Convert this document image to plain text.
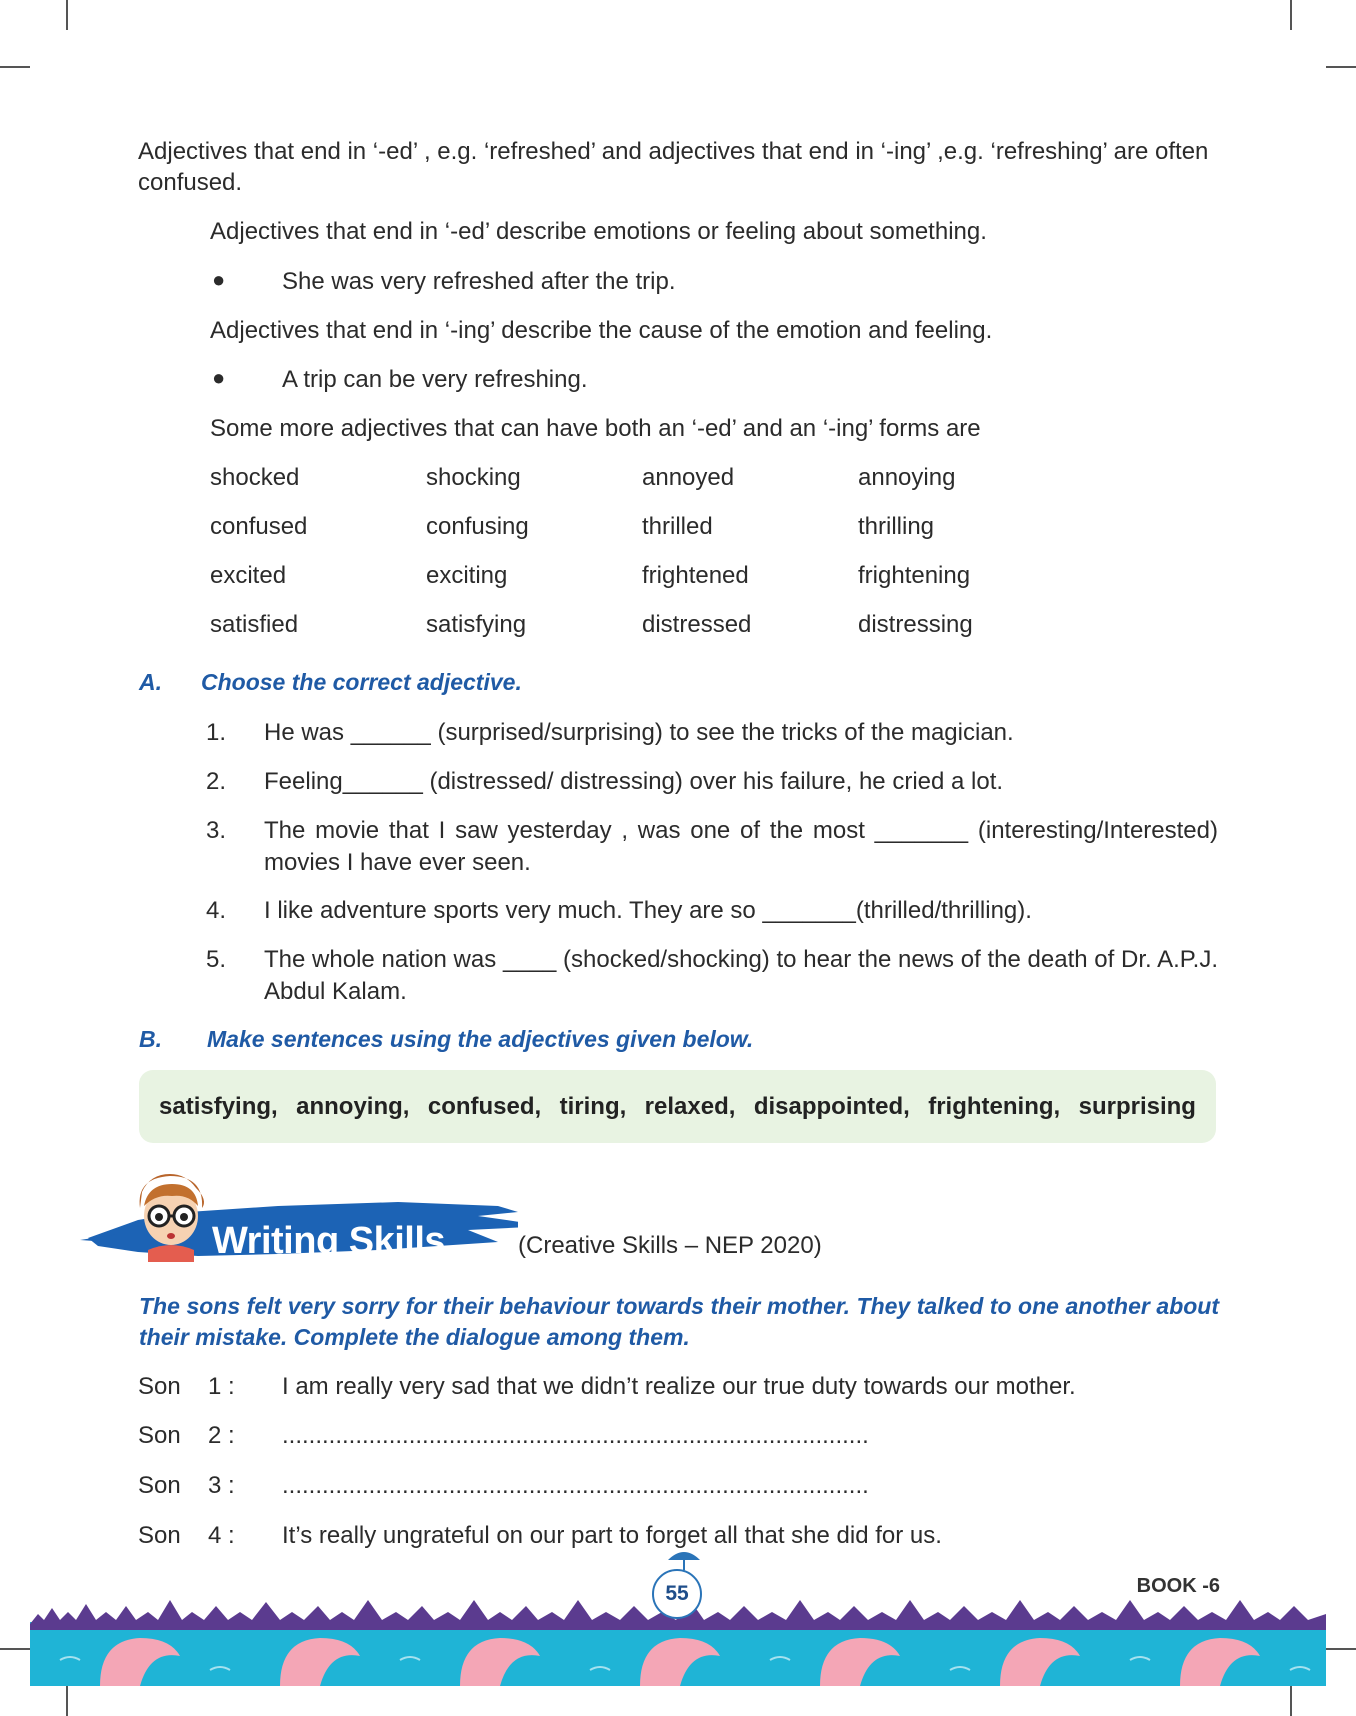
Adjectives that end in ‘-ed’ , e.g. ‘refreshed’ and adjectives that end in ‘-ing’ ,e.g. ‘refreshing’ are often confused.

Adjectives that end in ‘-ed’ describe emotions or feeling about something.

● She was very refreshed after the trip.

Adjectives that end in ‘-ing’ describe the cause of the emotion and feeling.

● A trip can be very refreshing.

Some more adjectives that can have both an ‘-ed’ and an ‘-ing’ forms are

shocked	shocking	annoyed	annoying
confused	confusing	thrilled	thrilling
excited	exciting	frightened	frightening
satisfied	satisfying	distressed	distressing
A. Choose the correct adjective.
1. He was ______ (surprised/surprising) to see the tricks of the magician.
2. Feeling______ (distressed/ distressing) over his failure, he cried a lot.
3. The movie that I saw yesterday , was one of the most _______ (interesting/Interested) movies I have ever seen.
4. I like adventure sports very much. They are so _______(thrilled/thrilling).
5. The whole nation was ____ (shocked/shocking) to hear the news of the death of Dr. A.P.J. Abdul Kalam.
B. Make sentences using the adjectives given below.
satisfying, annoying, confused, tiring, relaxed, disappointed, frightening, surprising
Writing Skills	(Creative Skills – NEP 2020)
The sons felt very sorry for their behaviour towards their mother. They talked to one another about their mistake. Complete the dialogue among them.
Son 1 : I am really very sad that we didn’t realize our true duty towards our mother.
Son 2 : ........................................................................................
Son 3 : ........................................................................................
Son 4 : It’s really ungrateful on our part to forget all that she did for us.
55	BOOK -6
